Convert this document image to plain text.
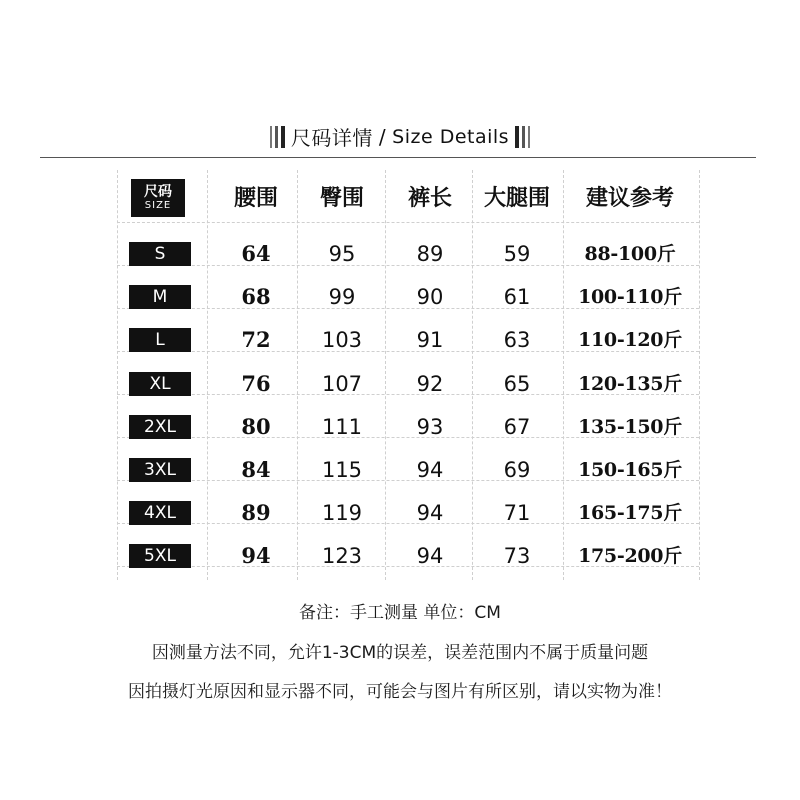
尺码详情 / Size Details
尺码
SIZE	腰围	臀围	裤长	大腿围	建议参考
S	64	95	89	59	88-100斤
M	68	99	90	61	100-110斤
L	72	103	91	63	110-120斤
XL	76	107	92	65	120-135斤
2XL	80	111	93	67	135-150斤
3XL	84	115	94	69	150-165斤
4XL	89	119	94	71	165-175斤
5XL	94	123	94	73	175-200斤
备注：手工测量 单位：CM
因测量方法不同，允许1-3CM的误差，误差范围内不属于质量问题
因拍摄灯光原因和显示器不同，可能会与图片有所区别，请以实物为准！
